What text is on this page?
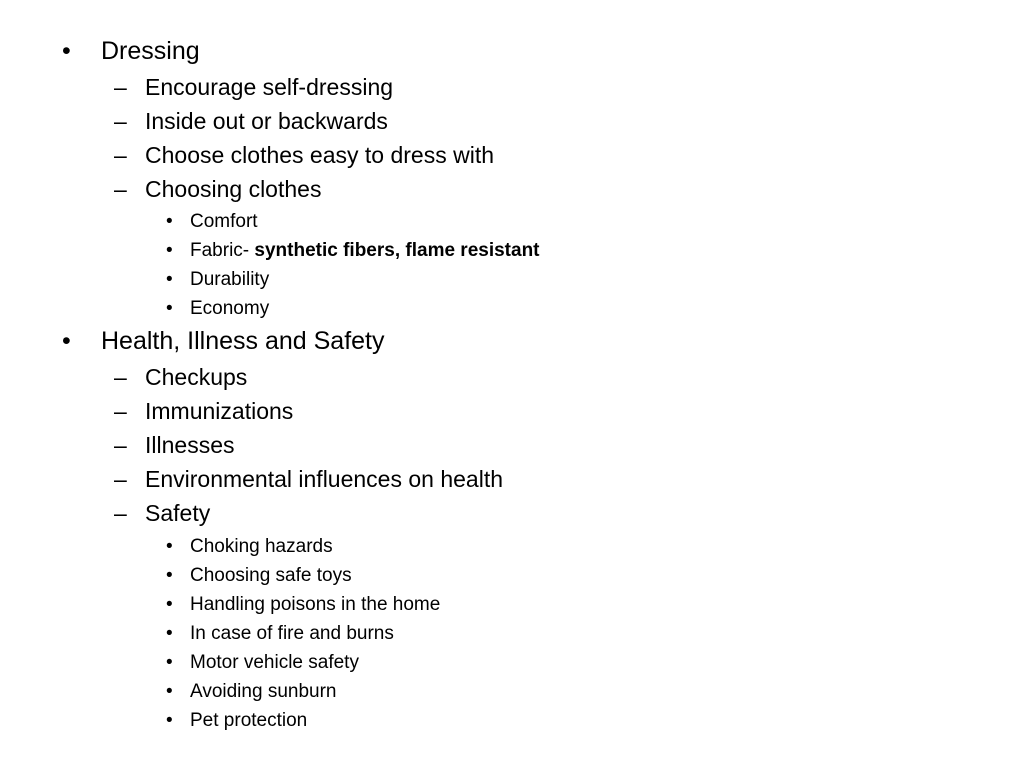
• Dressing
– Encourage self-dressing
– Inside out or backwards
– Choose clothes easy to dress with
– Choosing clothes
• Comfort
• Fabric- synthetic fibers, flame resistant
• Durability
• Economy
• Health, Illness and Safety
– Checkups
– Immunizations
– Illnesses
– Environmental influences on health
– Safety
• Choking hazards
• Choosing safe toys
• Handling poisons in the home
• In case of fire and burns
• Motor vehicle safety
• Avoiding sunburn
• Pet protection
